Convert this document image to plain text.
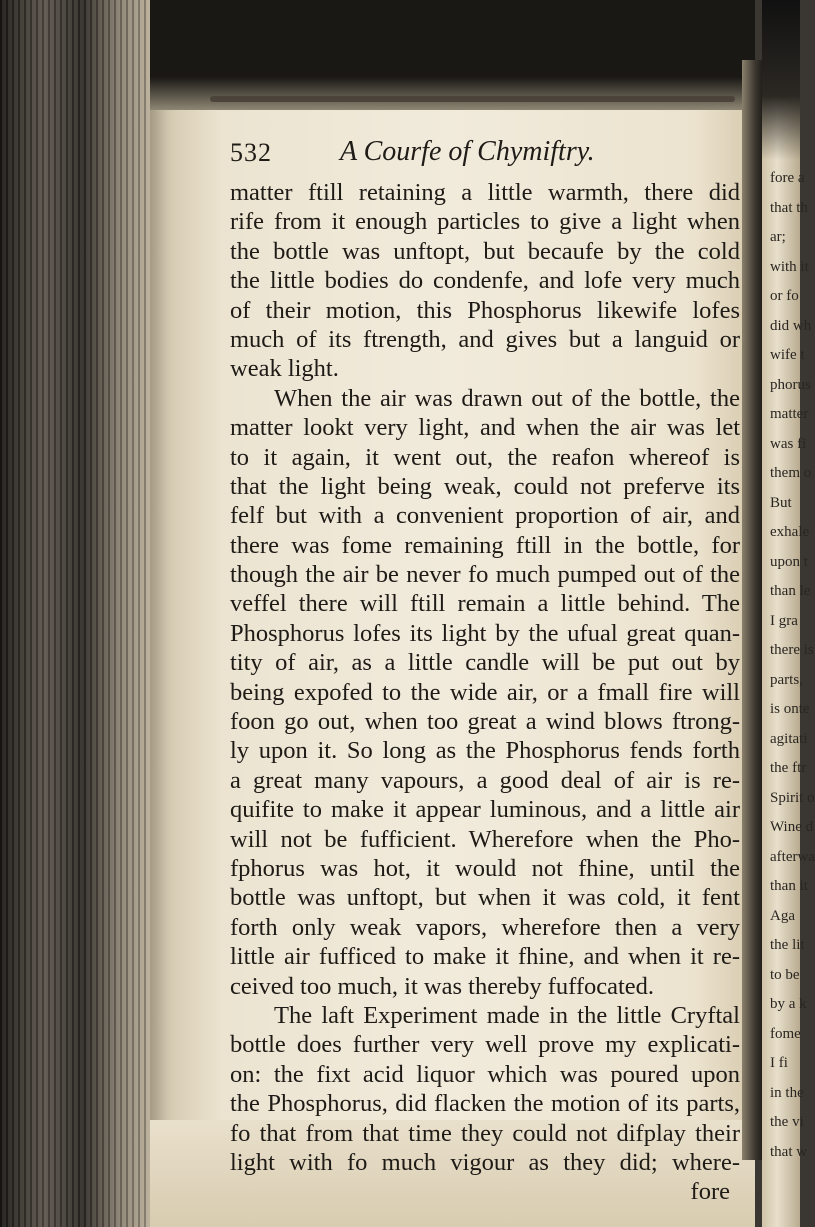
fore a
that th
ar;
with it
or fo
did wh
wife t
phorus
matter
was fi
them o
But
exhale
upon t
than le
I gra
there is
parts,
is onte
agitati
the ftr
Spirit o
Wine d
afterwa
than it
Aga
the lit
to be
by a k
fome
I fi
in the
the vi
that w
532 A Courfe of Chymiftry.
matter ftill retaining a little warmth, there did
rife from it enough particles to give a light when
the bottle was unftopt, but becaufe by the cold
the little bodies do condenfe, and lofe very much
of their motion, this Phosphorus likewife lofes
much of its ftrength, and gives but a languid or
weak light.
When the air was drawn out of the bottle, the
matter lookt very light, and when the air was let
to it again, it went out, the reafon whereof is
that the light being weak, could not preferve its
felf but with a convenient proportion of air, and
there was fome remaining ftill in the bottle, for
though the air be never fo much pumped out of the
veffel there will ftill remain a little behind. The
Phosphorus lofes its light by the ufual great quan-
tity of air, as a little candle will be put out by
being expofed to the wide air, or a fmall fire will
foon go out, when too great a wind blows ftrong-
ly upon it. So long as the Phosphorus fends forth
a great many vapours, a good deal of air is re-
quifite to make it appear luminous, and a little air
will not be fufficient. Wherefore when the Pho-
fphorus was hot, it would not fhine, until the
bottle was unftopt, but when it was cold, it fent
forth only weak vapors, wherefore then a very
little air fufficed to make it fhine, and when it re-
ceived too much, it was thereby fuffocated.
The laft Experiment made in the little Cryftal
bottle does further very well prove my explicati-
on: the fixt acid liquor which was poured upon
the Phosphorus, did flacken the motion of its parts,
fo that from that time they could not difplay their
light with fo much vigour as they did; where-
fore
